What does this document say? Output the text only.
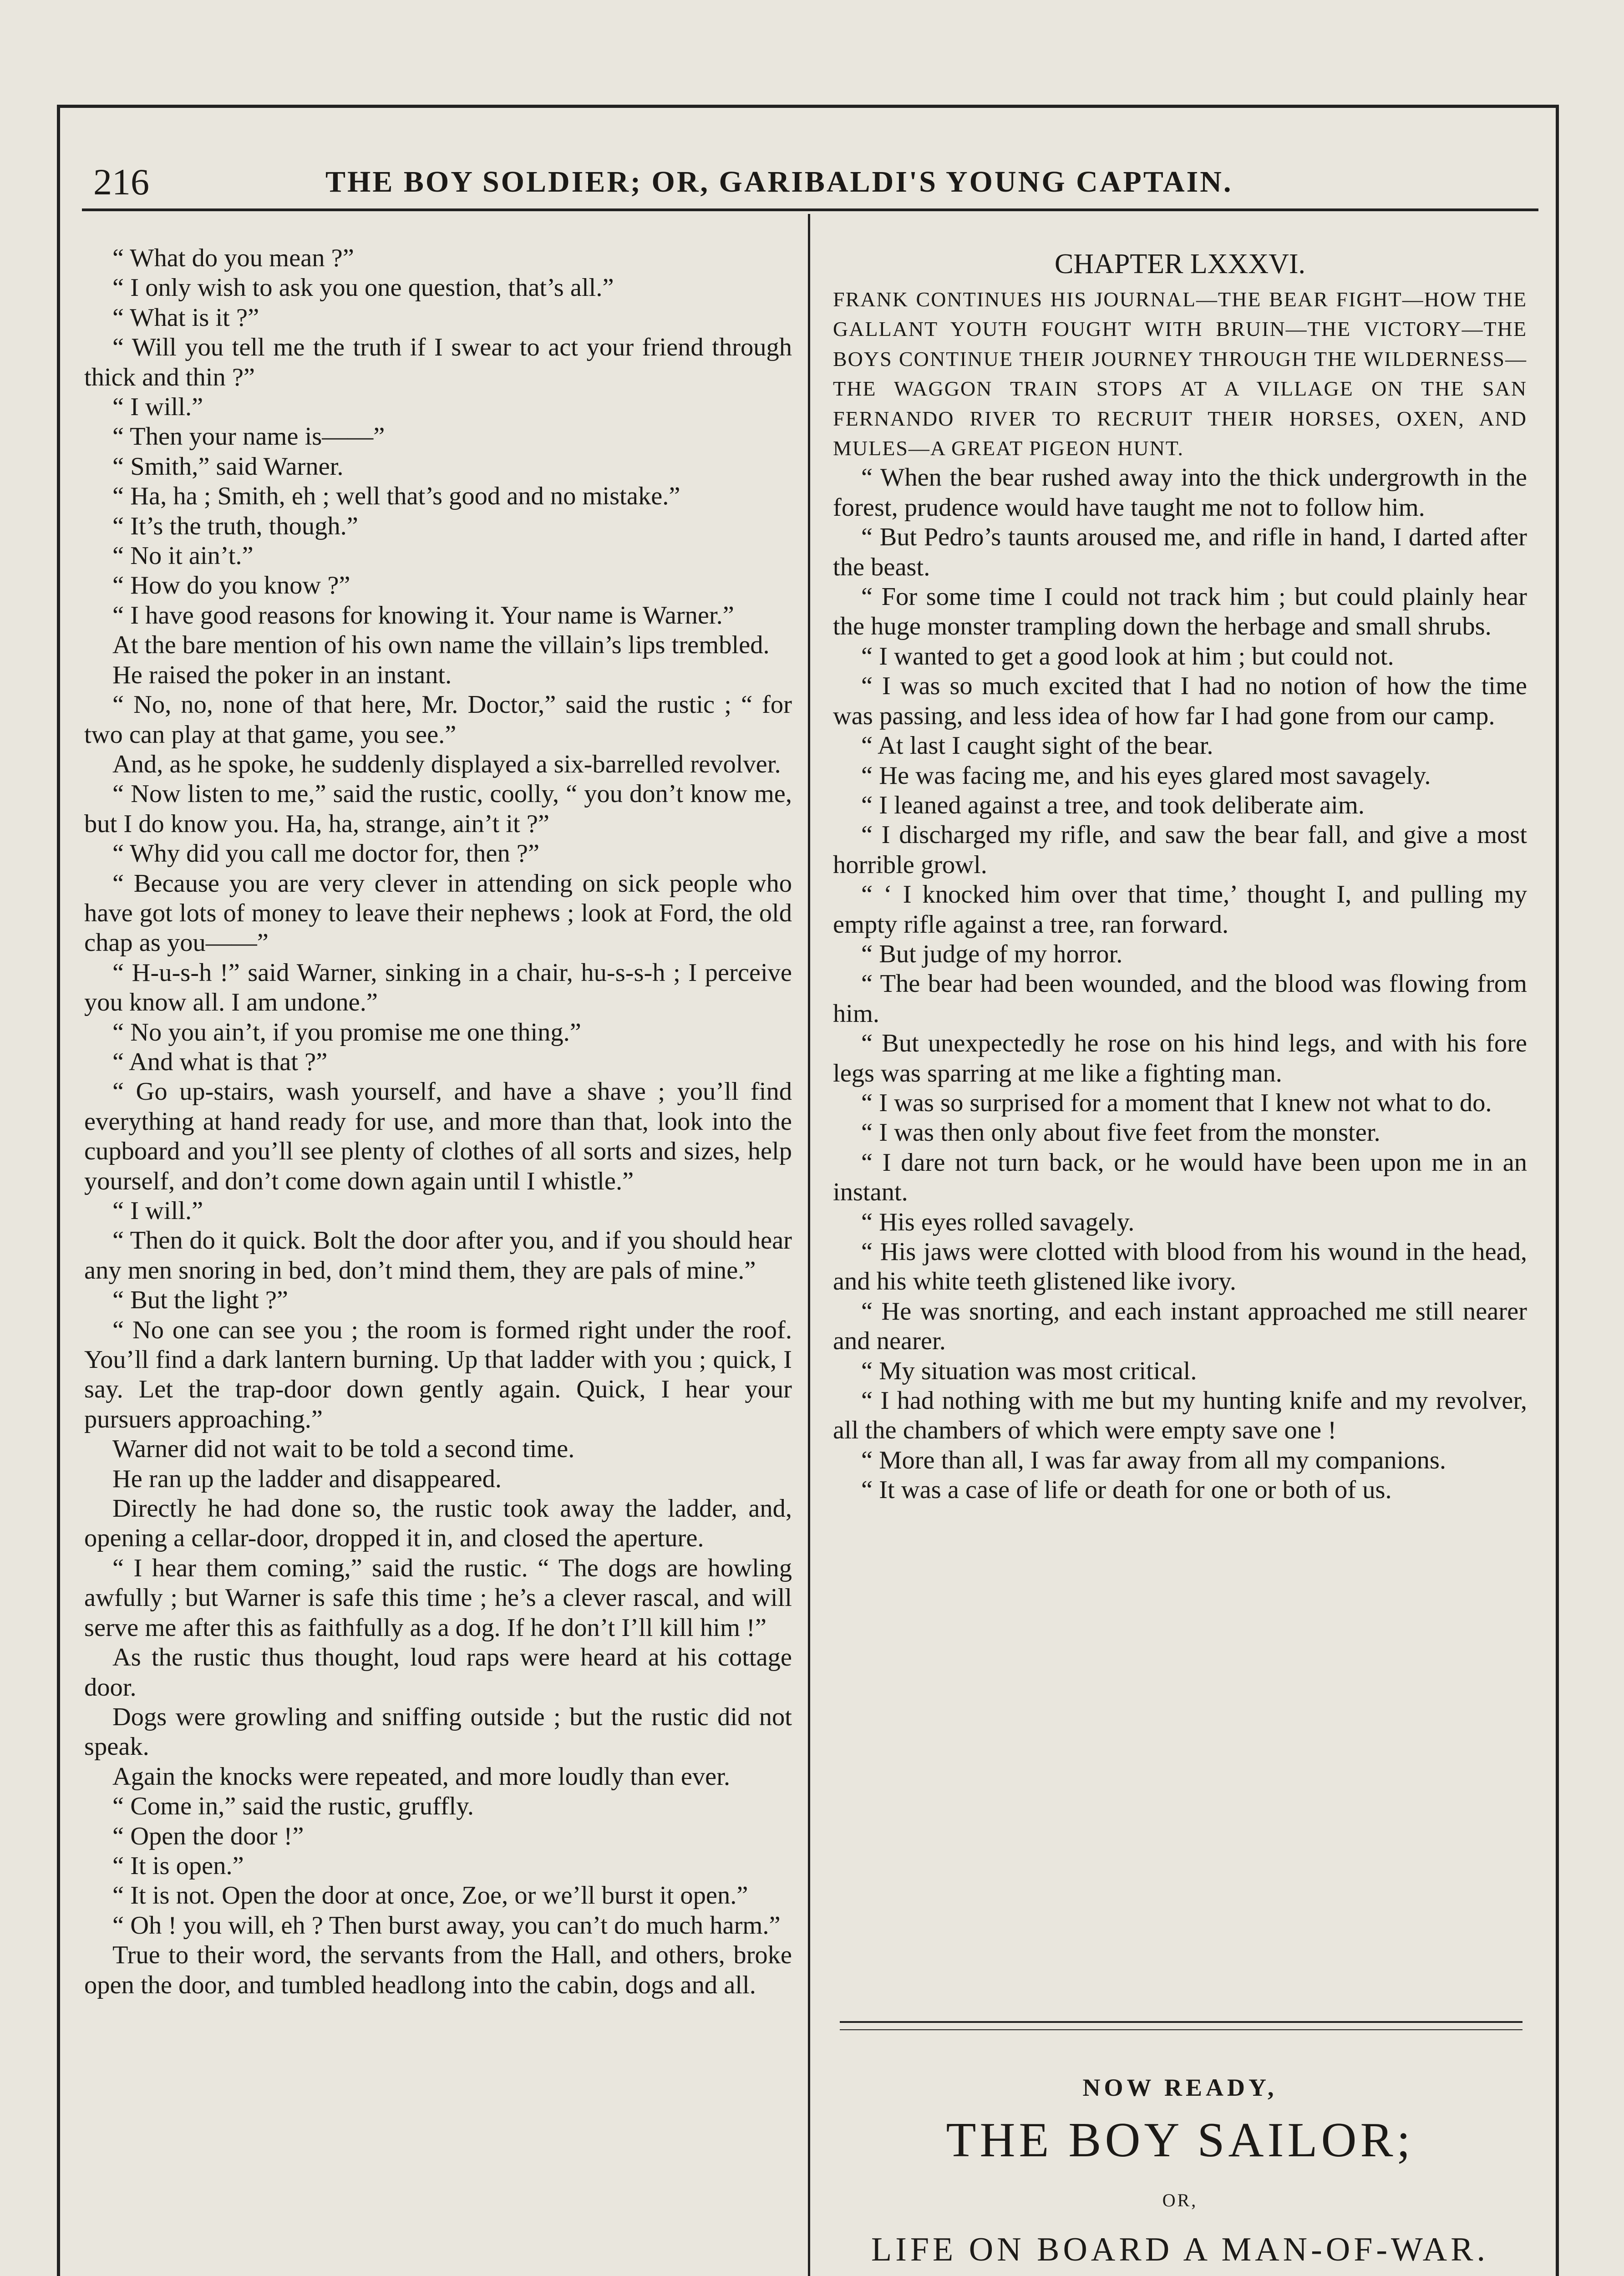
216	THE BOY SOLDIER; OR, GARIBALDI'S YOUNG CAPTAIN.

“ What do you mean ?”

“ I only wish to ask you one question, that’s all.”

“ What is it ?”

“ Will you tell me the truth if I swear to act your friend through thick and thin ?”

“ I will.”

“ Then your name is——”

“ Smith,” said Warner.

“ Ha, ha ; Smith, eh ; well that’s good and no mistake.”

“ It’s the truth, though.”

“ No it ain’t.”

“ How do you know ?”

“ I have good reasons for knowing it. Your name is Warner.”

At the bare mention of his own name the villain’s lips trembled.

He raised the poker in an instant.

“ No, no, none of that here, Mr. Doctor,” said the rustic ; “ for two can play at that game, you see.”

And, as he spoke, he suddenly displayed a six-barrelled revolver.

“ Now listen to me,” said the rustic, coolly, “ you don’t know me, but I do know you. Ha, ha, strange, ain’t it ?”

“ Why did you call me doctor for, then ?”

“ Because you are very clever in attending on sick people who have got lots of money to leave their nephews ; look at Ford, the old chap as you——”

“ H-u-s-h !” said Warner, sinking in a chair, hu-s-s-h ; I perceive you know all. I am undone.”

“ No you ain’t, if you promise me one thing.”

“ And what is that ?”

“ Go up-stairs, wash yourself, and have a shave ; you’ll find everything at hand ready for use, and more than that, look into the cupboard and you’ll see plenty of clothes of all sorts and sizes, help yourself, and don’t come down again until I whistle.”

“ I will.”

“ Then do it quick. Bolt the door after you, and if you should hear any men snoring in bed, don’t mind them, they are pals of mine.”

“ But the light ?”

“ No one can see you ; the room is formed right under the roof. You’ll find a dark lantern burning. Up that ladder with you ; quick, I say. Let the trap-door down gently again. Quick, I hear your pursuers approaching.”

Warner did not wait to be told a second time.

He ran up the ladder and disappeared.

Directly he had done so, the rustic took away the ladder, and, opening a cellar-door, dropped it in, and closed the aperture.

“ I hear them coming,” said the rustic. “ The dogs are howling awfully ; but Warner is safe this time ; he’s a clever rascal, and will serve me after this as faithfully as a dog. If he don’t I’ll kill him !”

As the rustic thus thought, loud raps were heard at his cottage door.

Dogs were growling and sniffing outside ; but the rustic did not speak.

Again the knocks were repeated, and more loudly than ever.

“ Come in,” said the rustic, gruffly.

“ Open the door !”

“ It is open.”

“ It is not. Open the door at once, Zoe, or we’ll burst it open.”

“ Oh ! you will, eh ? Then burst away, you can’t do much harm.”

True to their word, the servants from the Hall, and others, broke open the door, and tumbled headlong into the cabin, dogs and all.

CHAPTER LXXXVI.

FRANK CONTINUES HIS JOURNAL—THE BEAR FIGHT—HOW THE GALLANT YOUTH FOUGHT WITH BRUIN—THE VICTORY—THE BOYS CONTINUE THEIR JOURNEY THROUGH THE WILDERNESS—THE WAGGON TRAIN STOPS AT A VILLAGE ON THE SAN FERNANDO RIVER TO RECRUIT THEIR HORSES, OXEN, AND MULES—A GREAT PIGEON HUNT.

“ When the bear rushed away into the thick undergrowth in the forest, prudence would have taught me not to follow him.

“ But Pedro’s taunts aroused me, and rifle in hand, I darted after the beast.

“ For some time I could not track him ; but could plainly hear the huge monster trampling down the herbage and small shrubs.

“ I wanted to get a good look at him ; but could not.

“ I was so much excited that I had no notion of how the time was passing, and less idea of how far I had gone from our camp.

“ At last I caught sight of the bear.

“ He was facing me, and his eyes glared most savagely.

“ I leaned against a tree, and took deliberate aim.

“ I discharged my rifle, and saw the bear fall, and give a most horrible growl.

“ ‘ I knocked him over that time,’ thought I, and pulling my empty rifle against a tree, ran forward.

“ But judge of my horror.

“ The bear had been wounded, and the blood was flowing from him.

“ But unexpectedly he rose on his hind legs, and with his fore legs was sparring at me like a fighting man.

“ I was so surprised for a moment that I knew not what to do.

“ I was then only about five feet from the monster.

“ I dare not turn back, or he would have been upon me in an instant.

“ His eyes rolled savagely.

“ His jaws were clotted with blood from his wound in the head, and his white teeth glistened like ivory.

“ He was snorting, and each instant approached me still nearer and nearer.

“ My situation was most critical.

“ I had nothing with me but my hunting knife and my revolver, all the chambers of which were empty save one !

“ More than all, I was far away from all my companions.

“ It was a case of life or death for one or both of us.

NOW READY,
THE BOY SAILOR;
OR,
LIFE ON BOARD A MAN-OF-WAR.
